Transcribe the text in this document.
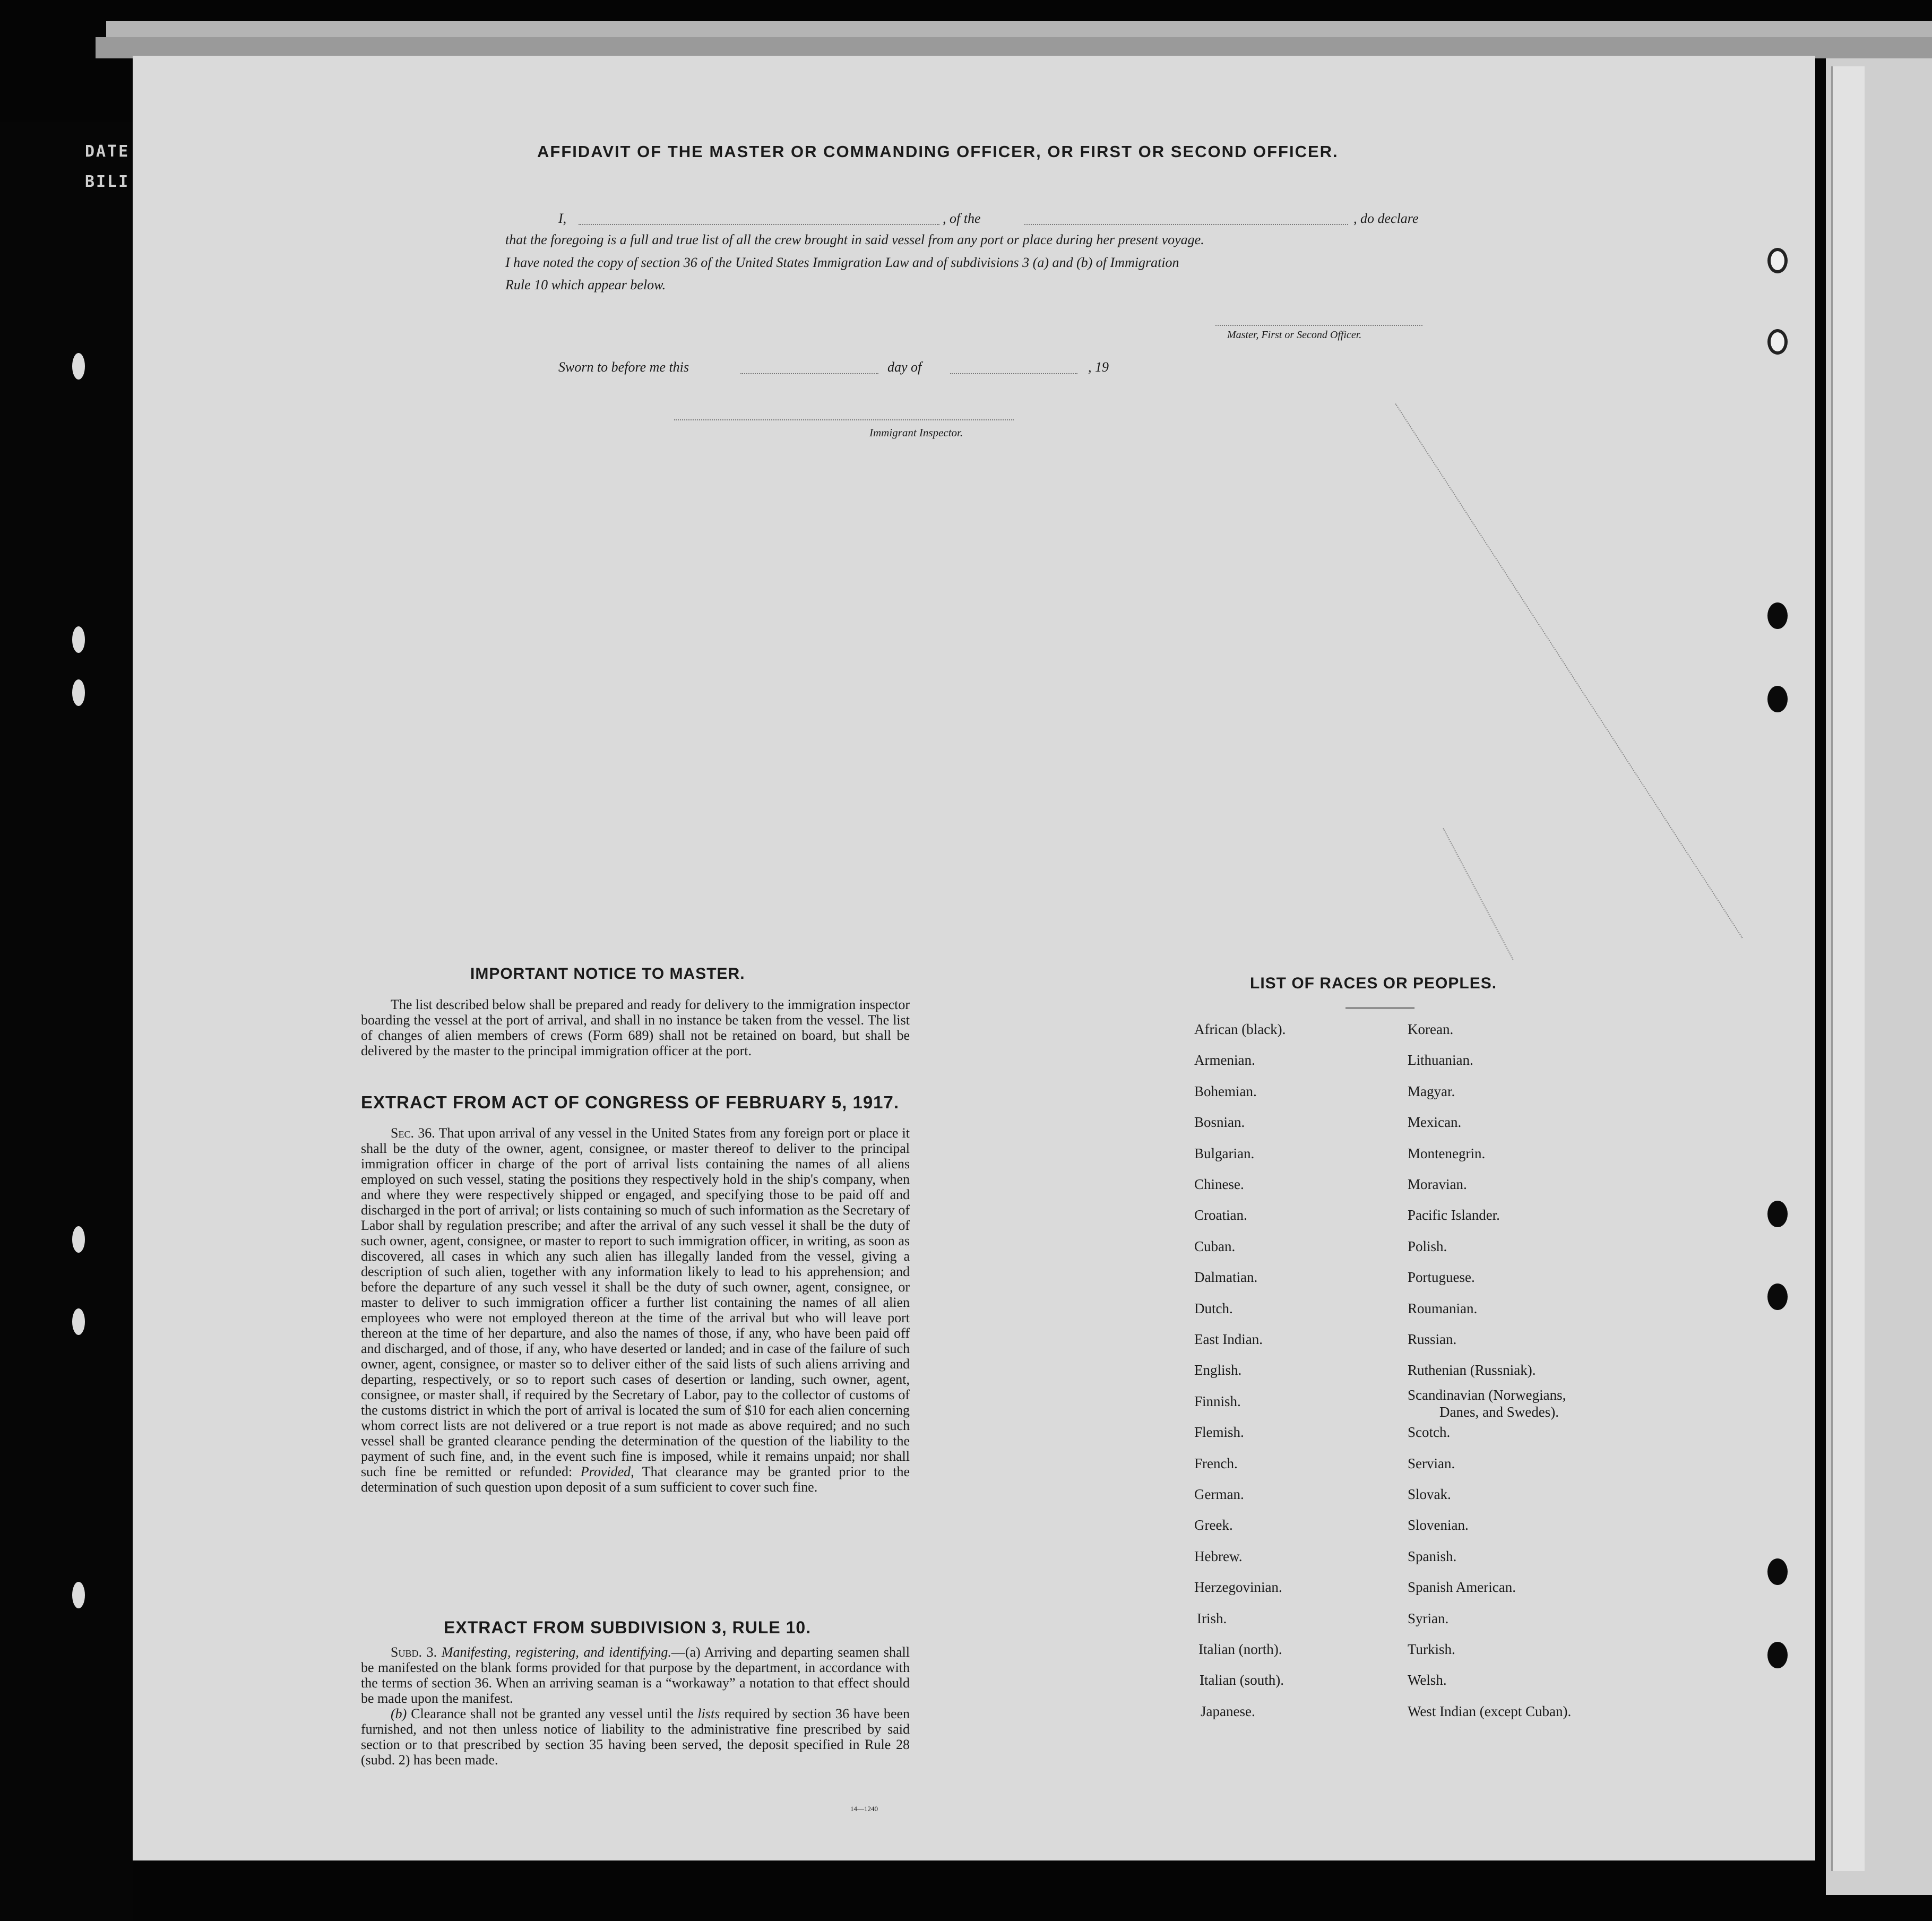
DATE
BILI
AFFIDAVIT OF THE MASTER OR COMMANDING OFFICER, OR FIRST OR SECOND OFFICER.
I,	, of the	, do declare
that the foregoing is a full and true list of all the crew brought in said vessel from any port or place during her present voyage.
I have noted the copy of section 36 of the United States Immigration Law and of subdivisions 3 (a) and (b) of Immigration
Rule 10 which appear below.
Master, First or Second Officer.
Sworn to before me this	day of	, 19
Immigrant Inspector.
IMPORTANT NOTICE TO MASTER.

The list described below shall be prepared and ready for delivery to the immigration inspector boarding the vessel at the port of arrival, and shall in no instance be taken from the vessel. The list of changes of alien members of crews (Form 689) shall not be retained on board, but shall be delivered by the master to the principal immigration officer at the port.

EXTRACT FROM ACT OF CONGRESS OF FEBRUARY 5, 1917.

Sec. 36. That upon arrival of any vessel in the United States from any foreign port or place it shall be the duty of the owner, agent, consignee, or master thereof to deliver to the principal immigration officer in charge of the port of arrival lists containing the names of all aliens employed on such vessel, stating the positions they respectively hold in the ship's company, when and where they were respectively shipped or engaged, and specifying those to be paid off and discharged in the port of arrival; or lists containing so much of such information as the Secretary of Labor shall by regulation prescribe; and after the arrival of any such vessel it shall be the duty of such owner, agent, consignee, or master to report to such immigration officer, in writing, as soon as discovered, all cases in which any such alien has illegally landed from the vessel, giving a description of such alien, together with any information likely to lead to his apprehension; and before the departure of any such vessel it shall be the duty of such owner, agent, consignee, or master to deliver to such immigration officer a further list containing the names of all alien employees who were not employed thereon at the time of the arrival but who will leave port thereon at the time of her departure, and also the names of those, if any, who have been paid off and discharged, and of those, if any, who have deserted or landed; and in case of the failure of such owner, agent, consignee, or master so to deliver either of the said lists of such aliens arriving and departing, respectively, or so to report such cases of desertion or landing, such owner, agent, consignee, or master shall, if required by the Secretary of Labor, pay to the collector of customs of the customs district in which the port of arrival is located the sum of $10 for each alien concerning whom correct lists are not delivered or a true report is not made as above required; and no such vessel shall be granted clearance pending the determination of the question of the liability to the payment of such fine, and, in the event such fine is imposed, while it remains unpaid; nor shall such fine be remitted or refunded: Provided, That clearance may be granted prior to the determination of such question upon deposit of a sum sufficient to cover such fine.

EXTRACT FROM SUBDIVISION 3, RULE 10.

Subd. 3. Manifesting, registering, and identifying.—(a) Arriving and departing seamen shall be manifested on the blank forms provided for that purpose by the department, in accordance with the terms of section 36. When an arriving seaman is a “workaway” a notation to that effect should be made upon the manifest.

(b) Clearance shall not be granted any vessel until the lists required by section 36 have been furnished, and not then unless notice of liability to the administrative fine prescribed by said section or to that prescribed by section 35 having been served, the deposit specified in Rule 28 (subd. 2) has been made.

14—1240
LIST OF RACES OR PEOPLES.
African (black).
Armenian.
Bohemian.
Bosnian.
Bulgarian.
Chinese.
Croatian.
Cuban.
Dalmatian.
Dutch.
East Indian.
English.
Finnish.
Flemish.
French.
German.
Greek.
Hebrew.
Herzegovinian.
Irish.
Italian (north).
Italian (south).
Japanese.
Korean.
Lithuanian.
Magyar.
Mexican.
Montenegrin.
Moravian.
Pacific Islander.
Polish.
Portuguese.
Roumanian.
Russian.
Ruthenian (Russniak).
Scandinavian (Norwegians,
Scotch.
Servian.
Slovak.
Slovenian.
Spanish.
Spanish American.
Syrian.
Turkish.
Welsh.
West Indian (except Cuban).
Danes, and Swedes).
